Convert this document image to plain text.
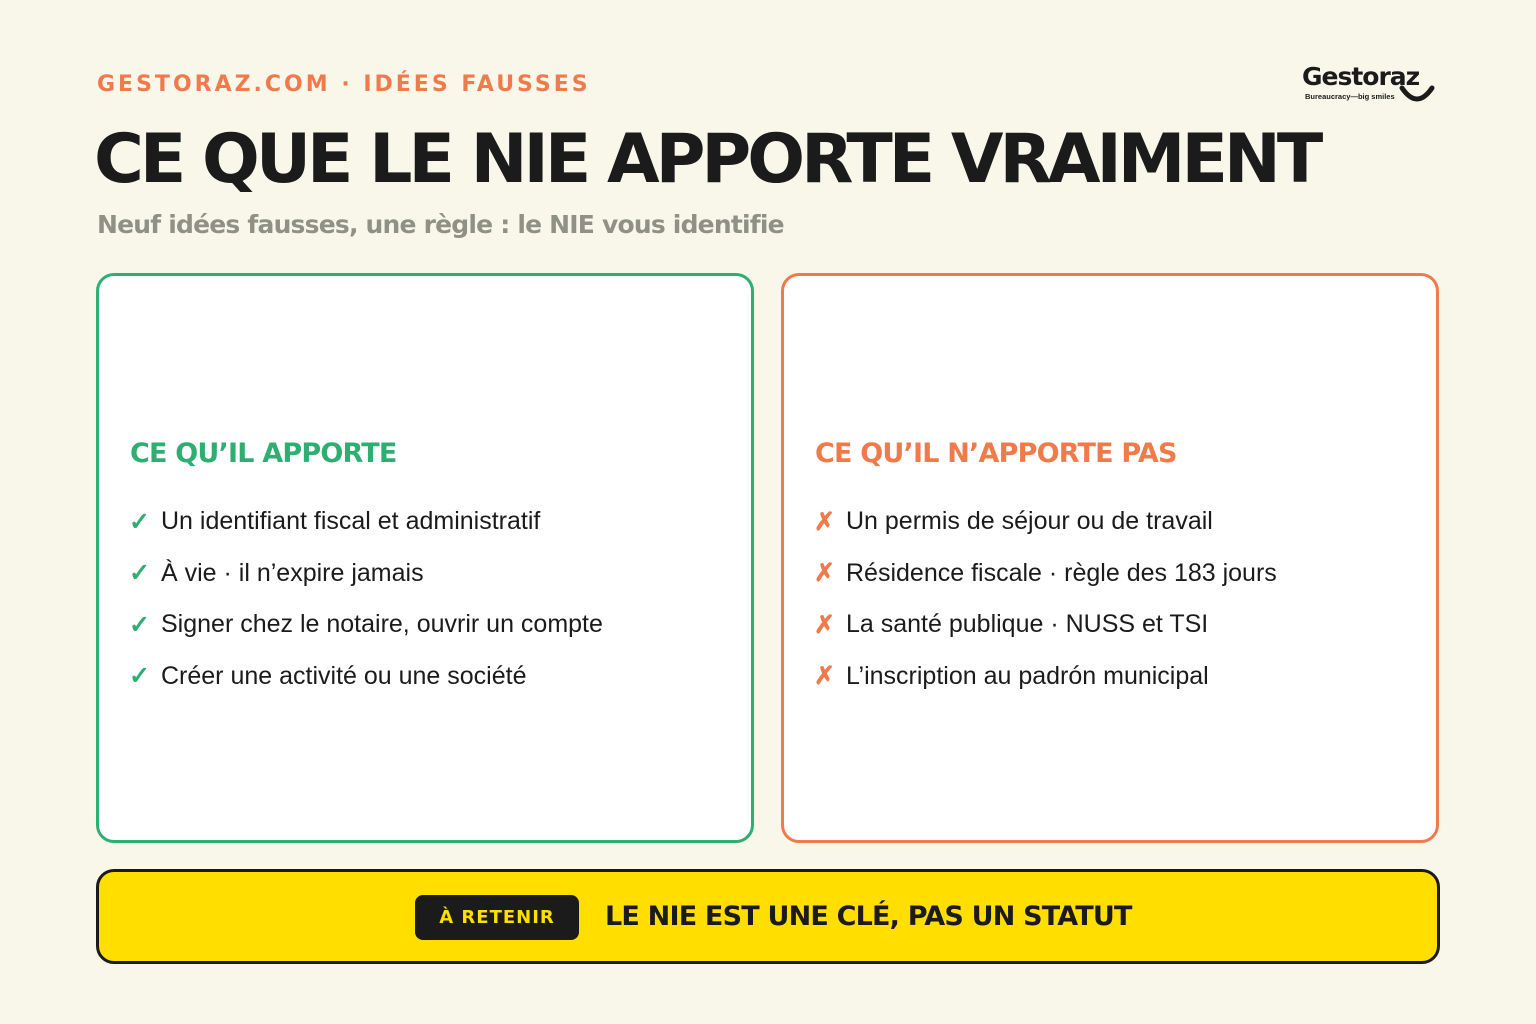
GESTORAZ.COM · IDÉES FAUSSES	Gestoraz
Bureaucracy—big smiles
CE QUE LE NIE APPORTE VRAIMENT
Neuf idées fausses, une règle : le NIE vous identifie
CE QU’IL APPORTE
✓ Un identifiant fiscal et administratif
✓ À vie · il n’expire jamais
✓ Signer chez le notaire, ouvrir un compte
✓ Créer une activité ou une société
CE QU’IL N’APPORTE PAS
✗ Un permis de séjour ou de travail
✗ Résidence fiscale · règle des 183 jours
✗ La santé publique · NUSS et TSI
✗ L’inscription au padrón municipal
À RETENIR	LE NIE EST UNE CLÉ, PAS UN STATUT
